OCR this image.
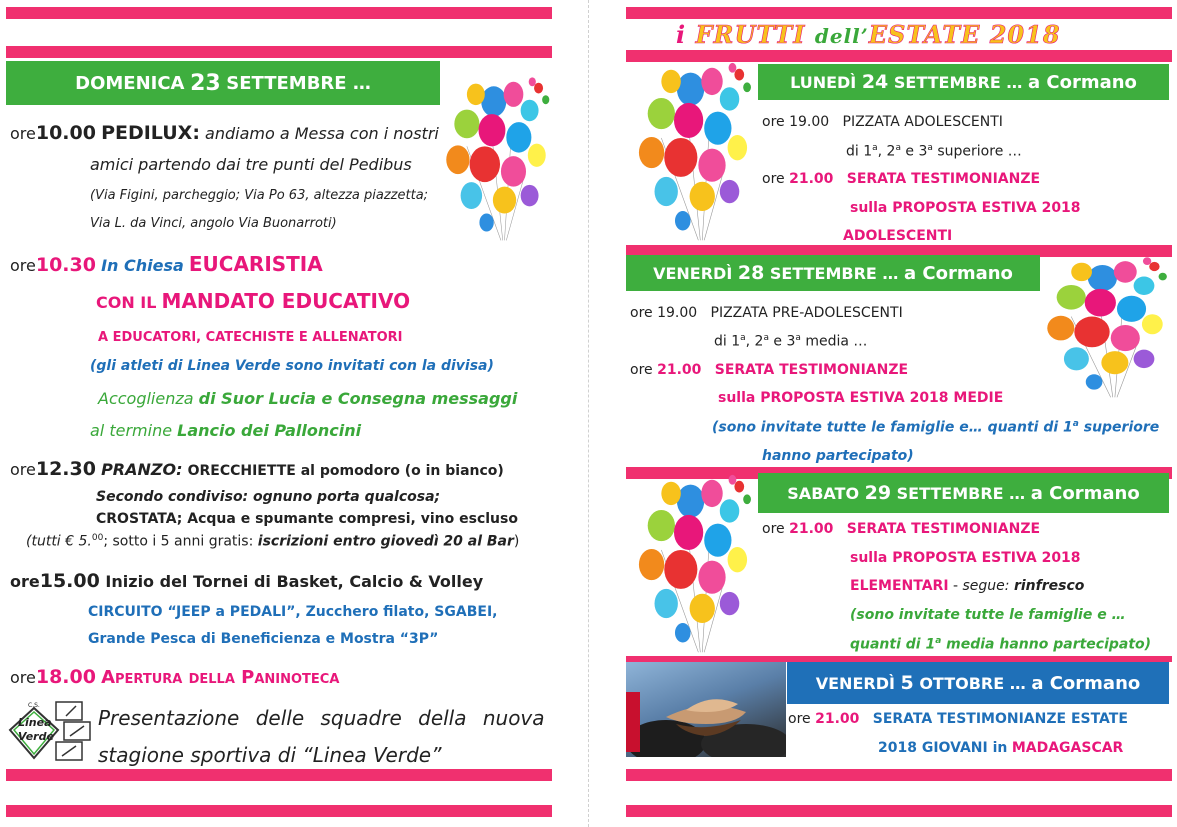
DOMENICA
23
SETTEMBRE …
ore10.00 PEDILUX: andiamo a Messa con i nostri
amici partendo dai tre punti del Pedibus
(Via Figini, parcheggio; Via Po 63, altezza piazzetta;
Via L. da Vinci, angolo Via Buonarroti)
ore10.30 In Chiesa EUCARISTIA
CON IL MANDATO EDUCATIVO
A EDUCATORI, CATECHISTE E ALLENATORI
(gli atleti di Linea Verde sono invitati con la divisa)
Accoglienza di Suor Lucia e Consegna messaggi
al termine Lancio dei Palloncini
ore12.30 PRANZO: ORECCHIETTE al pomodoro (o in bianco)
Secondo condiviso: ognuno porta qualcosa;
CROSTATA; Acqua e spumante compresi, vino escluso
(tutti € 5.00; sotto i 5 anni gratis: iscrizioni entro giovedì 20 al Bar)
ore15.00 Inizio del Tornei di Basket, Calcio & Volley
CIRCUITO “JEEP a PEDALI”, Zucchero filato, SGABEI,
Grande Pesca di Beneficienza e Mostra “3P”
ore18.00 Apertura della Paninoteca
C.S.
Linea
Verde
Presentazione delle squadre della nuova
stagione sportiva di “Linea Verde”
i FRUTTI dell’ESTATE 2018
LUNEDÌ
24
SETTEMBRE …
a Cormano
ore 19.00 PIZZATA ADOLESCENTI
di 1$^a$, 2$^a$ e 3$^a$ superiore …
ore 21.00 SERATA TESTIMONIANZE
sulla PROPOSTA ESTIVA 2018
ADOLESCENTI
VENERDÌ
28
SETTEMBRE …
a Cormano
ore 19.00 PIZZATA PRE-ADOLESCENTI
di 1$^a$, 2$^a$ e 3$^a$ media …
ore 21.00 SERATA TESTIMONIANZE
sulla PROPOSTA ESTIVA 2018 MEDIE
(sono invitate tutte le famiglie e… quanti di 1$^a$ superiore
hanno partecipato)
SABATO
29
SETTEMBRE …
a Cormano
ore 21.00 SERATA TESTIMONIANZE
sulla PROPOSTA ESTIVA 2018
ELEMENTARI - segue: rinfresco
(sono invitate tutte le famiglie e …
quanti di 1$^a$ media hanno partecipato)
VENERDÌ
5
OTTOBRE …
a Cormano
ore 21.00 SERATA TESTIMONIANZE ESTATE
2018 GIOVANI in MADAGASCAR
